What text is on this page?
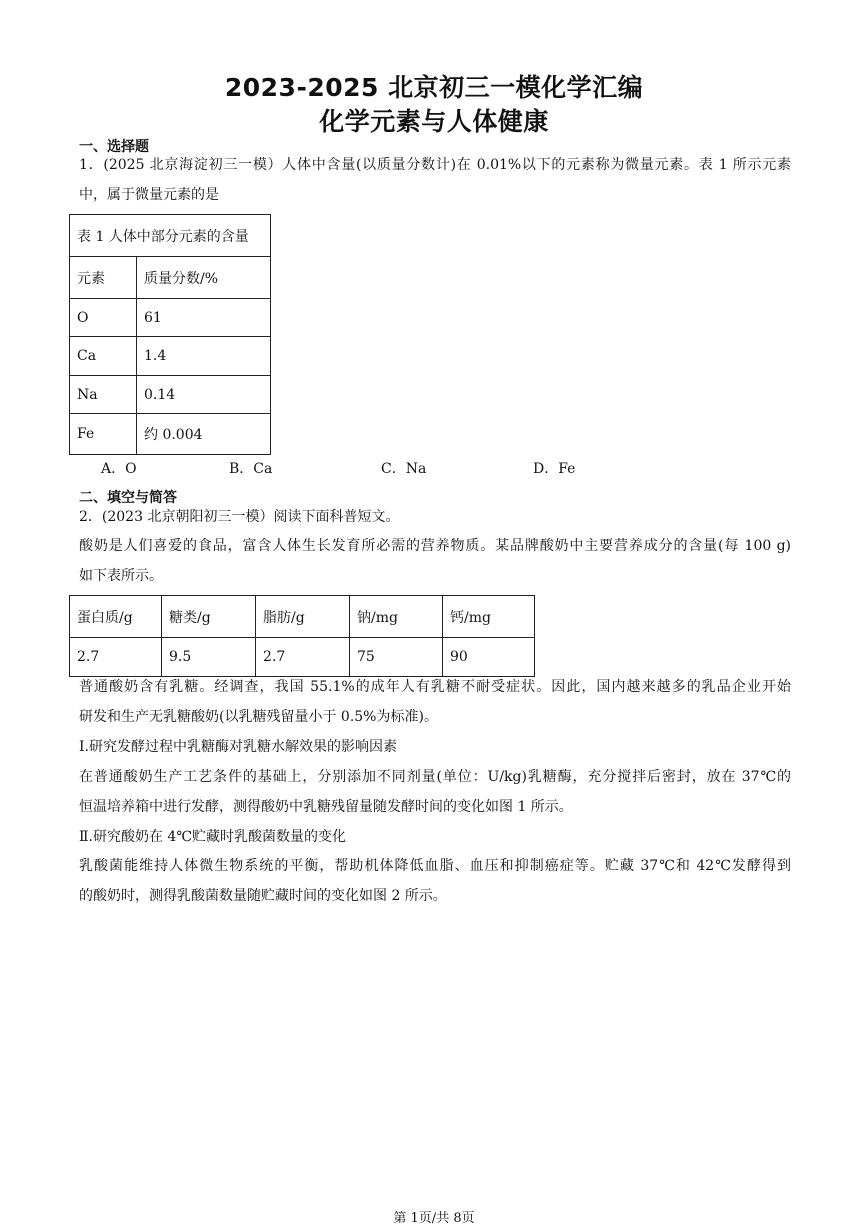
2023-2025 北京初三一模化学汇编
化学元素与人体健康
一、选择题
1．(2025 北京海淀初三一模）人体中含量(以质量分数计)在 0.01%以下的元素称为微量元素。表 1 所示元素
中，属于微量元素的是
表 1 人体中部分元素的含量	
元素	质量分数/%
O	61
Ca	1.4
Na	0.14
Fe	约 0.004
A．O	B．Ca	C．Na	D．Fe
二、填空与简答
2．(2023 北京朝阳初三一模）阅读下面科普短文。
酸奶是人们喜爱的食品，富含人体生长发育所必需的营养物质。某品牌酸奶中主要营养成分的含量(每 100 g)
如下表所示。
蛋白质/g	糖类/g	脂肪/g	钠/mg	钙/mg
2.7	9.5	2.7	75	90
普通酸奶含有乳糖。经调查，我国 55.1%的成年人有乳糖不耐受症状。因此，国内越来越多的乳品企业开始
研发和生产无乳糖酸奶(以乳糖残留量小于 0.5%为标准)。
Ⅰ.研究发酵过程中乳糖酶对乳糖水解效果的影响因素
在普通酸奶生产工艺条件的基础上，分别添加不同剂量(单位：U/kg)乳糖酶，充分搅拌后密封，放在 37℃的
恒温培养箱中进行发酵，测得酸奶中乳糖残留量随发酵时间的变化如图 1 所示。
Ⅱ.研究酸奶在 4℃贮藏时乳酸菌数量的变化
乳酸菌能维持人体微生物系统的平衡，帮助机体降低血脂、血压和抑制癌症等。贮藏 37℃和 42℃发酵得到
的酸奶时，测得乳酸菌数量随贮藏时间的变化如图 2 所示。
第 1页/共 8页
